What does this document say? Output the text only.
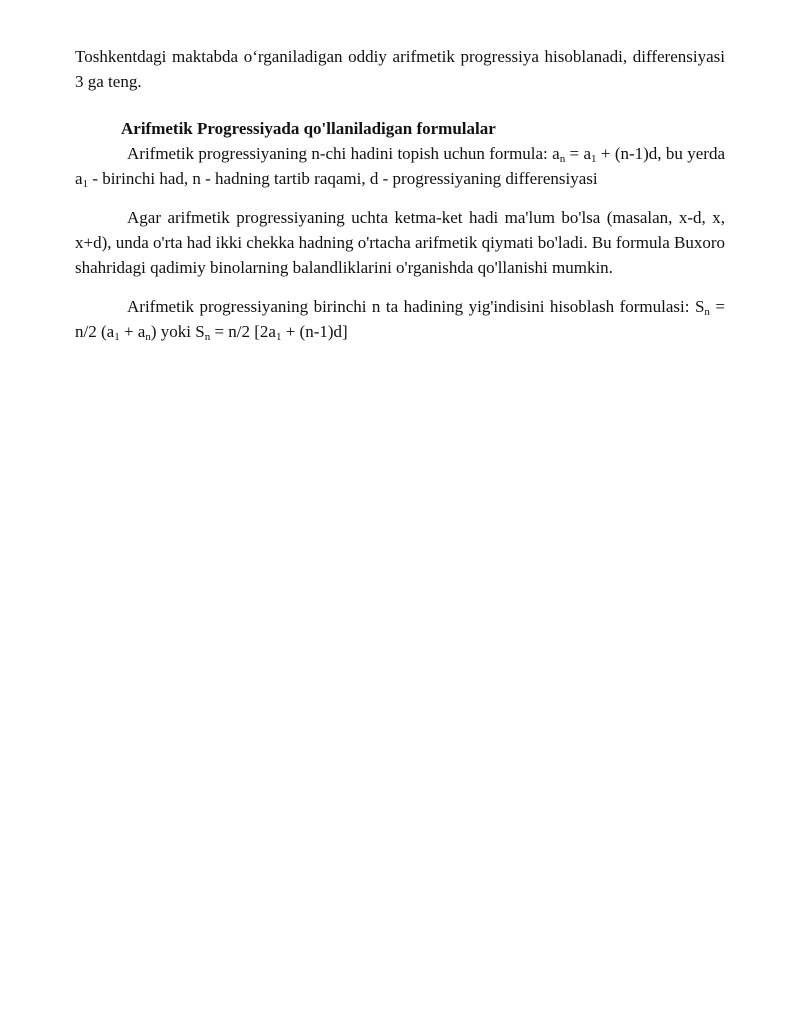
Toshkentdagi maktabda o‘rganiladigan oddiy arifmetik progressiya hisoblanadi, differensiyasi 3 ga teng.

Arifmetik Progressiyada qo'llaniladigan formulalar

Arifmetik progressiyaning n-chi hadini topish uchun formula: $a_n = a_1 + (n-1)d$, bu yerda $a_1$ - birinchi had, n - hadning tartib raqami, d - progressiyaning differensiyasi

Agar arifmetik progressiyaning uchta ketma-ket hadi ma'lum bo'lsa (masalan, x-d, x, x+d), unda o'rta had ikki chekka hadning o'rtacha arifmetik qiymati bo'ladi. Bu formula Buxoro shahridagi qadimiy binolarning balandliklarini o'rganishda qo'llanishi mumkin.

Arifmetik progressiyaning birinchi n ta hadining yig'indisini hisoblash formulasi: $S_n = n/2$ $(a_1 + a_n)$ yoki $S_n = n/2$ $[2a_1 + (n-1)d]$
